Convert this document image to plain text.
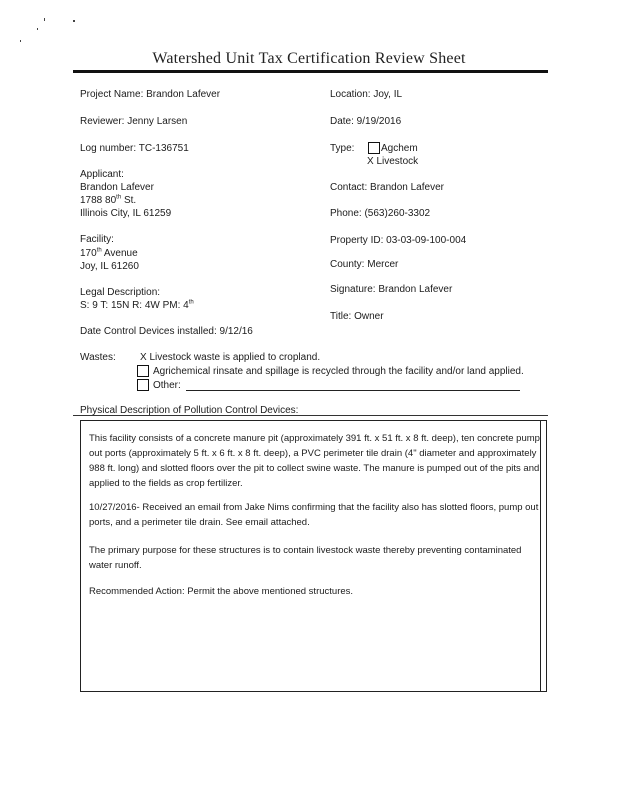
Watershed Unit Tax Certification Review Sheet
Project Name: Brandon Lafever
Reviewer: Jenny Larsen
Log number: TC-136751
Applicant:
Brandon Lafever
1788 80th St.
Illinois City, IL 61259
Facility:
170th Avenue
Joy, IL 61260
Legal Description:
S: 9 T: 15N R: 4W PM: 4th
Date Control Devices installed: 9/12/16
Location: Joy, IL
Date: 9/19/2016
Type:	Agchem
X Livestock
Contact: Brandon Lafever
Phone: (563)260-3302
Property ID: 03-03-09-100-004
County: Mercer
Signature: Brandon Lafever
Title: Owner
Wastes: X Livestock waste is applied to cropland.
Agrichemical rinsate and spillage is recycled through the facility and/or land applied.
Other:
Physical Description of Pollution Control Devices:
This facility consists of a concrete manure pit (approximately 391 ft. x 51 ft. x 8 ft. deep), ten concrete pump out ports (approximately 5 ft. x 6 ft. x 8 ft. deep), a PVC perimeter tile drain (4" diameter and approximately 988 ft. long) and slotted floors over the pit to collect swine waste. The manure is pumped out of the pits and applied to the fields as crop fertilizer.
10/27/2016- Received an email from Jake Nims confirming that the facility also has slotted floors, pump out ports, and a perimeter tile drain. See email attached.
The primary purpose for these structures is to contain livestock waste thereby preventing contaminated water runoff.
Recommended Action: Permit the above mentioned structures.
